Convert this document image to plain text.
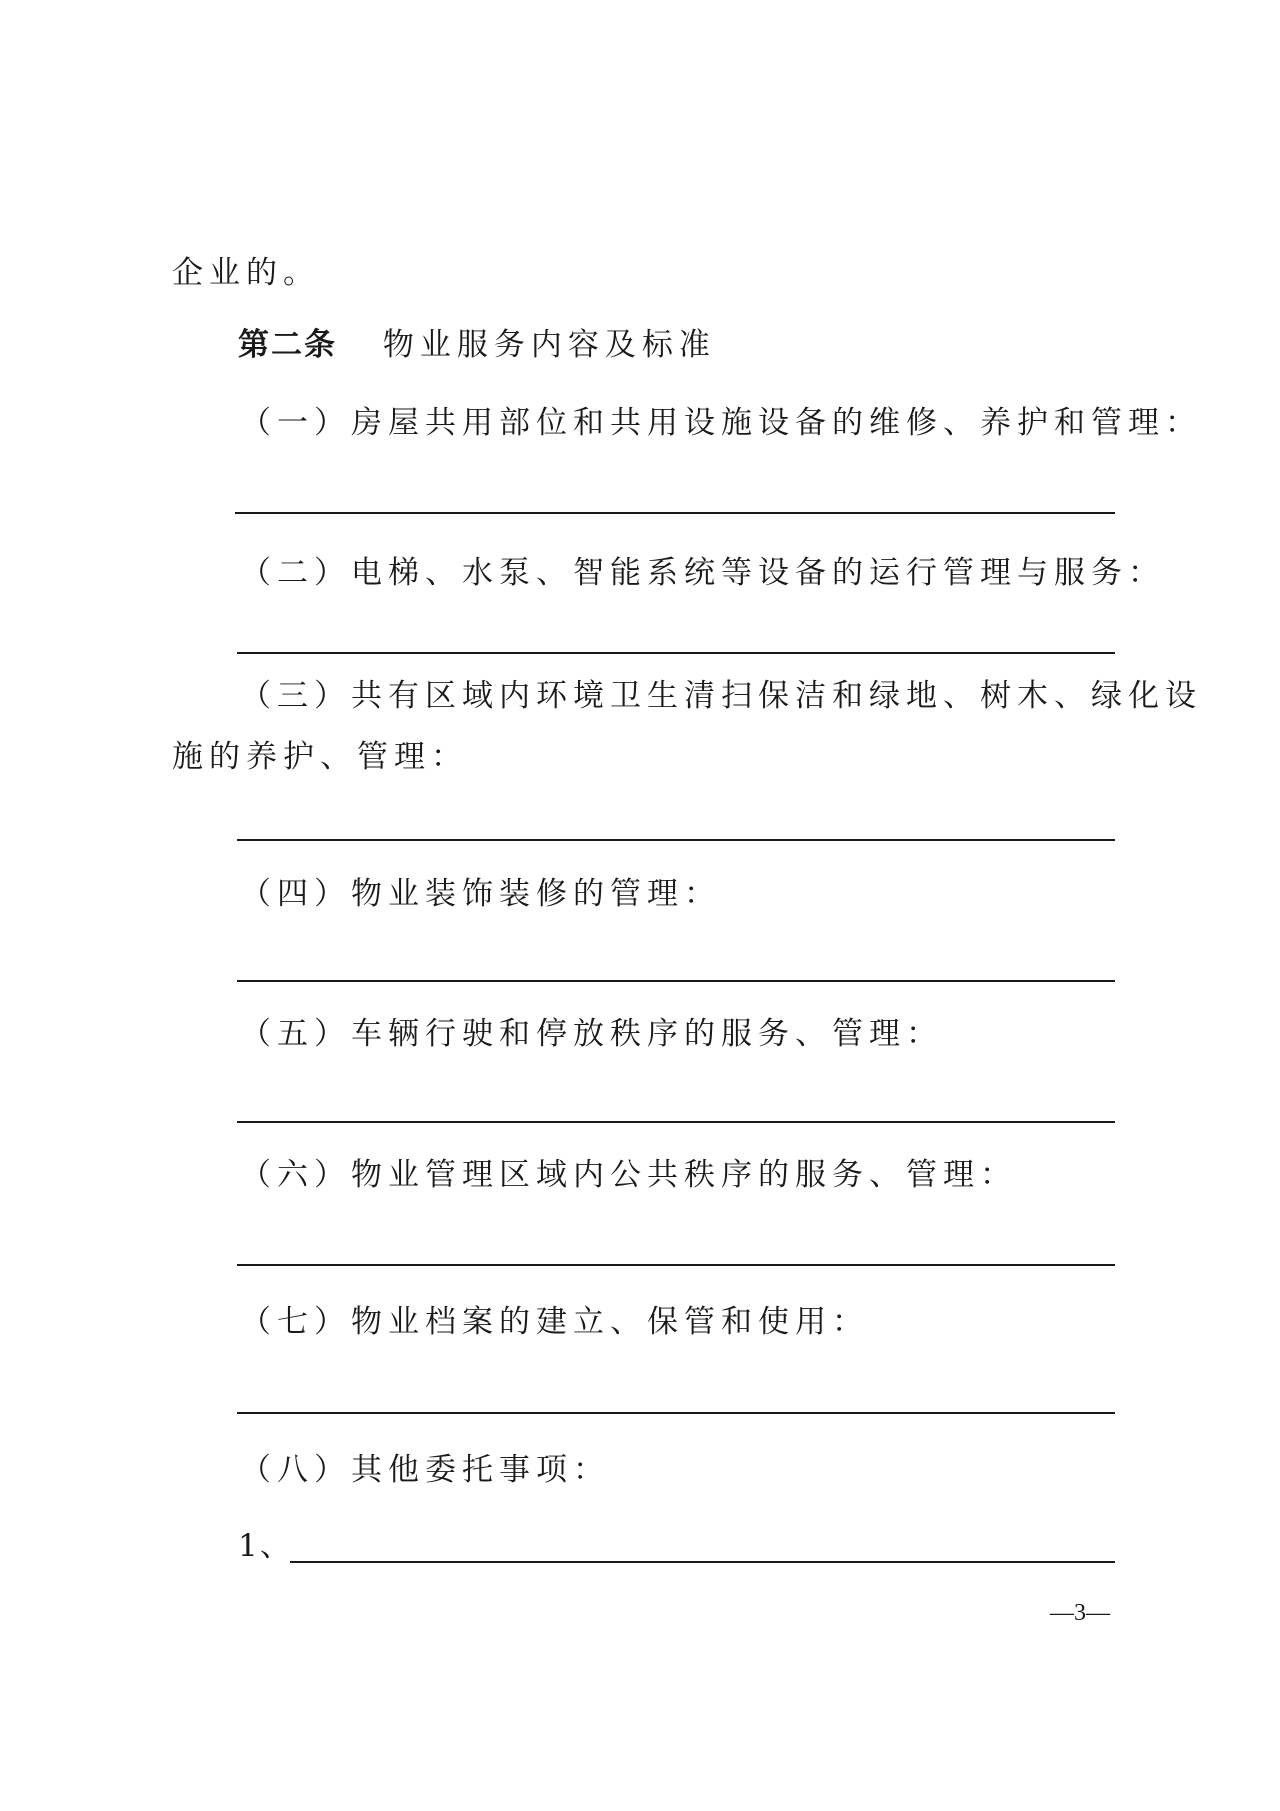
企业的。
第二条 物业服务内容及标准
（一）房屋共用部位和共用设施设备的维修、养护和管理：
（二）电梯、水泵、智能系统等设备的运行管理与服务：
（三）共有区域内环境卫生清扫保洁和绿地、树木、绿化设
施的养护、管理：
（四）物业装饰装修的管理：
（五）车辆行驶和停放秩序的服务、管理：
（六）物业管理区域内公共秩序的服务、管理：
（七）物业档案的建立、保管和使用：
（八）其他委托事项：
1、
—3—
